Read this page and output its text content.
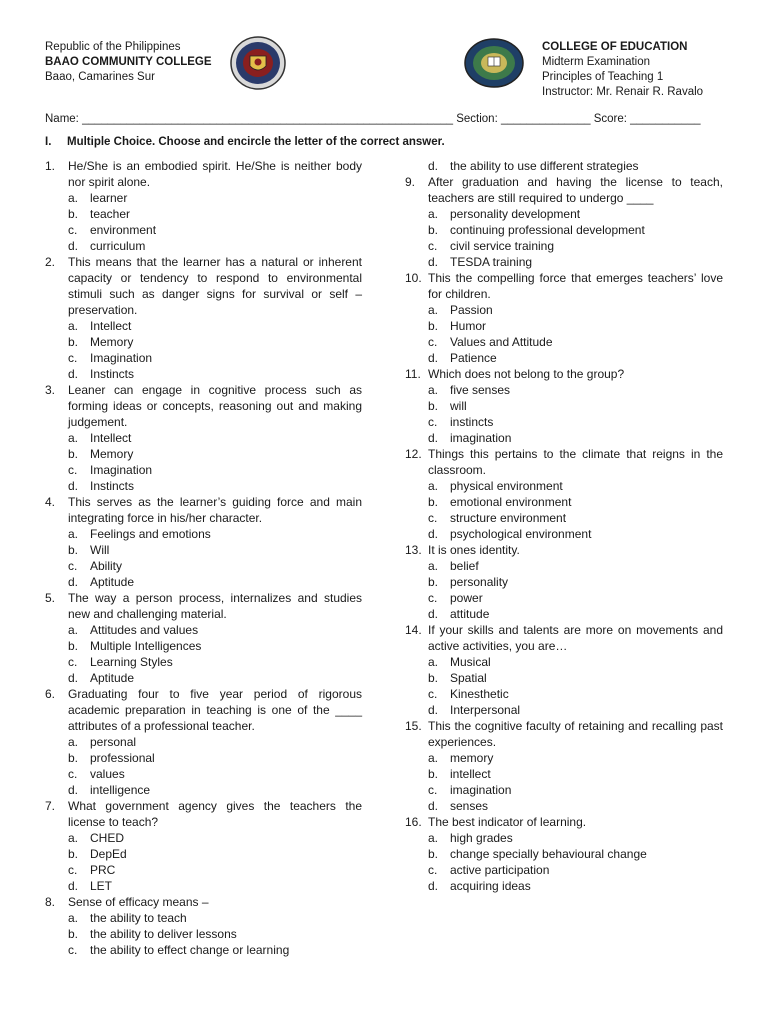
Republic of the Philippines
BAAO COMMUNITY COLLEGE
Baao, Camarines Sur
COLLEGE OF EDUCATION
Midterm Examination
Principles of Teaching 1
Instructor: Mr. Renair R. Ravalo
Name: __________________________________________________________ Section: ______________ Score: ___________
I. Multiple Choice. Choose and encircle the letter of the correct answer.
1.	He/She is an embodied spirit. He/She is neither body nor spirit alone.
a. learner
b. teacher
c.	environment
d. curriculum
2.	This means that the learner has a natural or inherent capacity or tendency to respond to environmental stimuli such as danger signs for survival or self – preservation.
a. Intellect
b. Memory
c.	Imagination
d. Instincts
3.	Leaner can engage in cognitive process such as forming ideas or concepts, reasoning out and making judgement.
a. Intellect
b. Memory
c.	Imagination
d. Instincts
4.	This serves as the learner’s guiding force and main integrating force in his/her character.
a. Feelings and emotions
b. Will
c.	Ability
d. Aptitude
5.	The way a person process, internalizes and studies new and challenging material.
a. Attitudes and values
b. Multiple Intelligences
c.	Learning Styles
d. Aptitude
6.	Graduating four to five year period of rigorous academic preparation in teaching is one of the ____ attributes of a professional teacher.
a. personal
b. professional
c.	values
d. intelligence
7.	What government agency gives the teachers the license to teach?
a. CHED
b. DepEd
c.	PRC
d. LET
8.	Sense of efficacy means –
a. the ability to teach
b. the ability to deliver lessons
c.	the ability to effect change or learning
d. the ability to use different strategies
9.	After graduation and having the license to teach, teachers are still required to undergo ____
a. personality development
b. continuing professional development
c.	civil service training
d. TESDA training
10. This the compelling force that emerges teachers’ love for children.
a. Passion
b. Humor
c.	Values and Attitude
d. Patience
11. Which does not belong to the group?
a. five senses
b. will
c.	instincts
d. imagination
12. Things this pertains to the climate that reigns in the classroom.
a. physical environment
b. emotional environment
c.	structure environment
d. psychological environment
13. It is ones identity.
a. belief
b. personality
c.	power
d. attitude
14. If your skills and talents are more on movements and active activities, you are…
a. Musical
b. Spatial
c.	Kinesthetic
d. Interpersonal
15. This the cognitive faculty of retaining and recalling past experiences.
a. memory
b. intellect
c.	imagination
d. senses
16. The best indicator of learning.
a. high grades
b. change specially behavioural change
c.	active participation
d. acquiring ideas
